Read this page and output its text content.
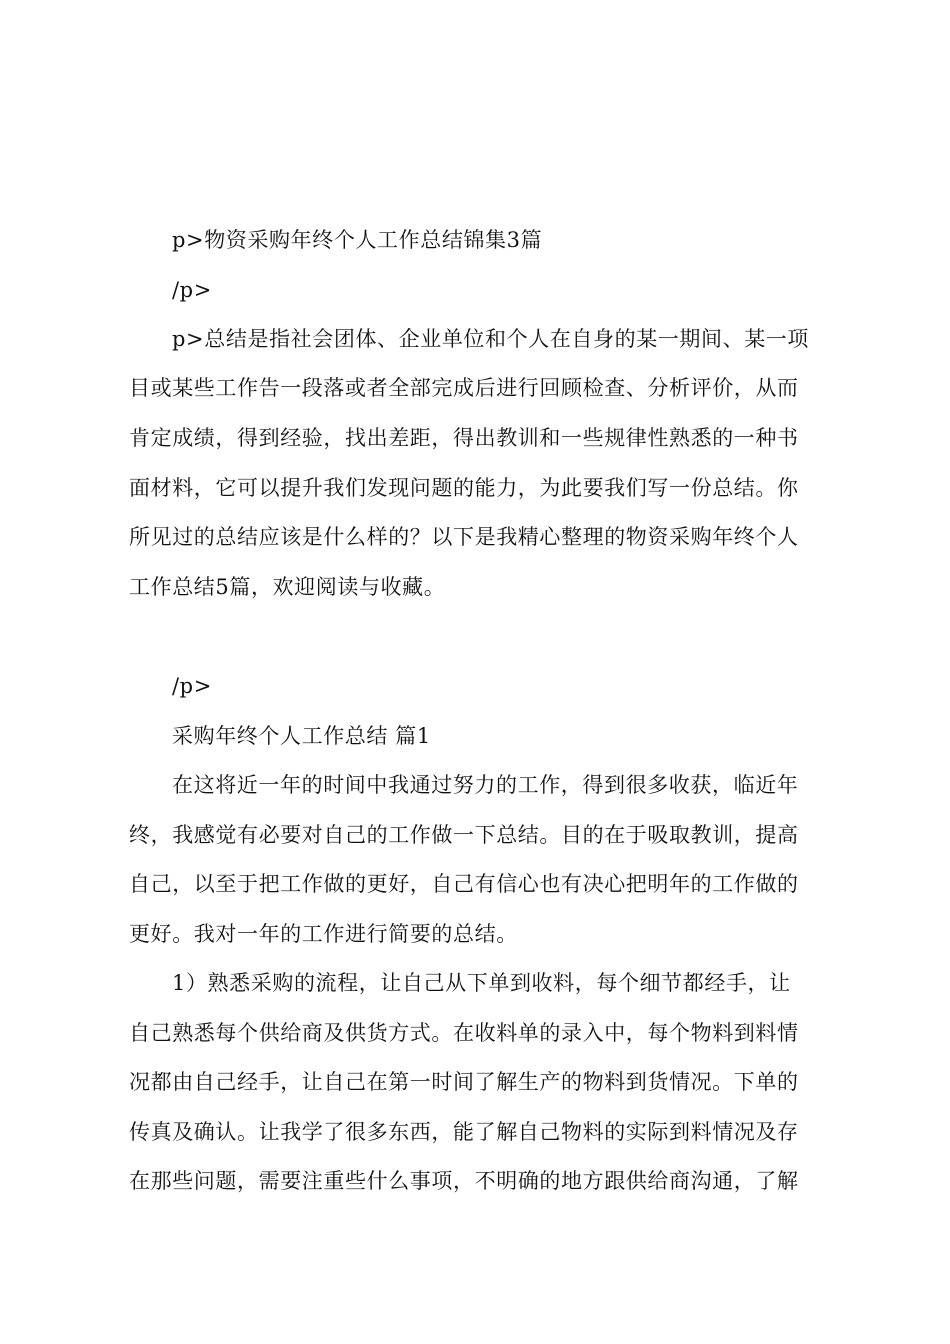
p>物资采购年终个人工作总结锦集3篇
/p>
p>总结是指社会团体、企业单位和个人在自身的某一期间、某一项
目或某些工作告一段落或者全部完成后进行回顾检查、分析评价，从而
肯定成绩，得到经验，找出差距，得出教训和一些规律性熟悉的一种书
面材料，它可以提升我们发现问题的能力，为此要我们写一份总结。你
所见过的总结应该是什么样的？以下是我精心整理的物资采购年终个人
工作总结5篇，欢迎阅读与收藏。
/p>
采购年终个人工作总结 篇1
在这将近一年的时间中我通过努力的工作，得到很多收获，临近年
终，我感觉有必要对自己的工作做一下总结。目的在于吸取教训，提高
自己，以至于把工作做的更好，自己有信心也有决心把明年的工作做的
更好。我对一年的工作进行简要的总结。
1）熟悉采购的流程，让自己从下单到收料，每个细节都经手，让
自己熟悉每个供给商及供货方式。在收料单的录入中，每个物料到料情
况都由自己经手，让自己在第一时间了解生产的物料到货情况。下单的
传真及确认。让我学了很多东西，能了解自己物料的实际到料情况及存
在那些问题，需要注重些什么事项，不明确的地方跟供给商沟通，了解
